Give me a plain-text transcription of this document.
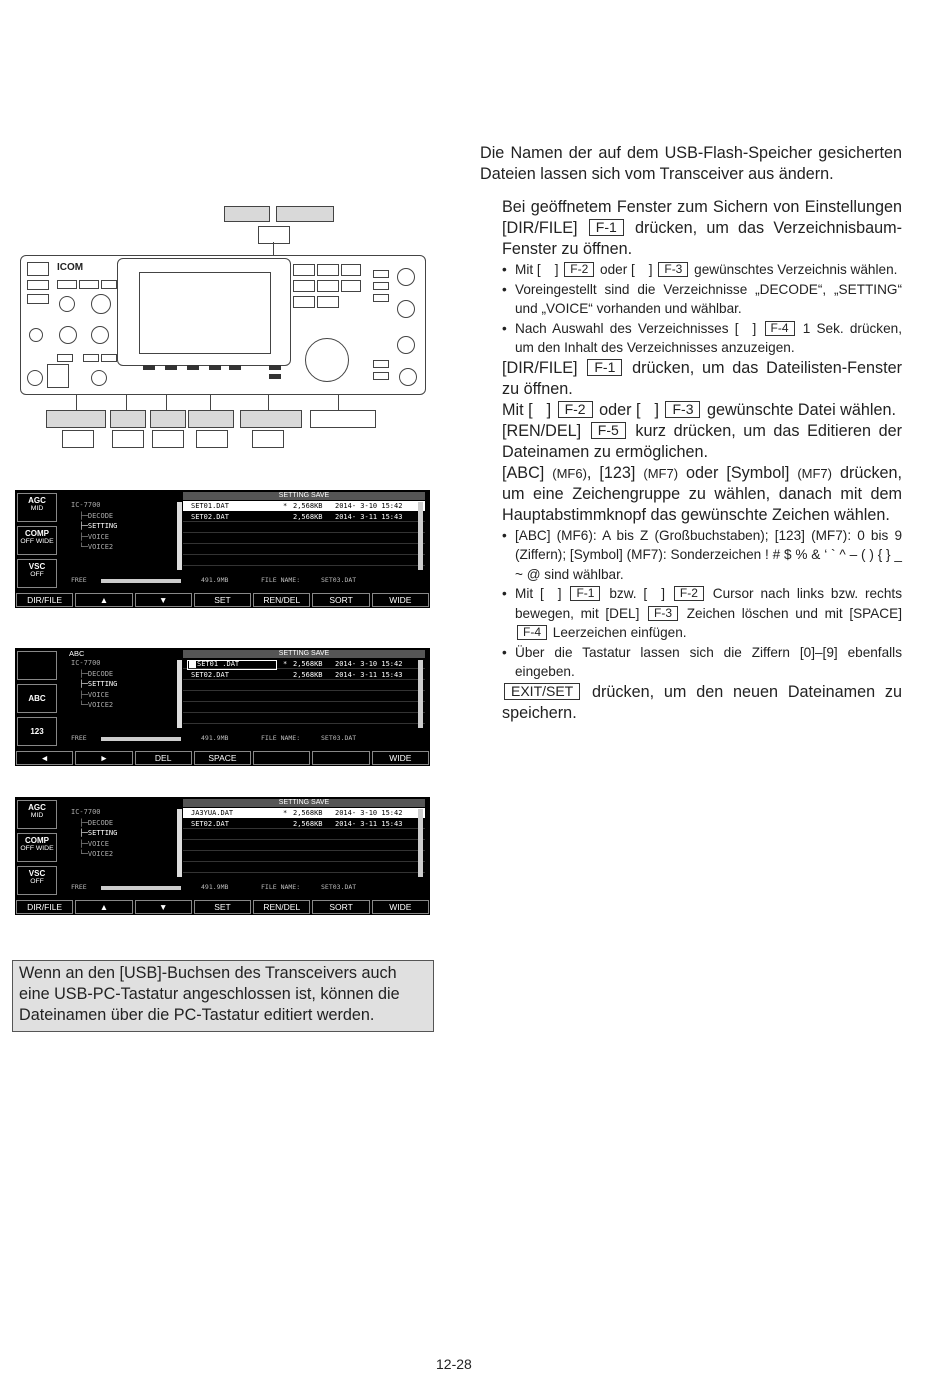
Die Namen der auf dem USB-Flash-Speicher gesicherten Dateien lassen sich vom Transceiver aus ändern.

Bei geöffnetem Fenster zum Sichern von Einstellungen [DIR/FILE] F-1 drücken, um das Verzeichnisbaum-Fenster zu öffnen.

• Mit [ ] F-2 oder [ ] F-3 gewünschtes Verzeichnis wählen.
• Voreingestellt sind die Verzeichnisse „DECODE“, „SETTING“ und „VOICE“ vorhanden und wählbar.
• Nach Auswahl des Verzeichnisses [ ] F-4 1 Sek. drücken, um den Inhalt des Verzeichnisses anzuzeigen.

[DIR/FILE] F-1 drücken, um das Dateilisten-Fenster zu öffnen.

Mit [ ] F-2 oder [ ] F-3 gewünschte Datei wählen.

[REN/DEL] F-5 kurz drücken, um das Editieren der Dateinamen zu ermöglichen.

[ABC] (MF6), [123] (MF7) oder [Symbol] (MF7) drücken, um eine Zeichengruppe zu wählen, danach mit dem Hauptabstimmknopf das gewünschte Zeichen wählen.

• [ABC] (MF6): A bis Z (Großbuchstaben); [123] (MF7): 0 bis 9 (Ziffern); [Symbol] (MF7): Sonderzeichen ! # $ % & ‘ ` ^ – ( ) { } _ ~ @ sind wählbar.
• Mit [ ] F-1 bzw. [ ] F-2 Cursor nach links bzw. rechts bewegen, mit [DEL] F-3 Zeichen löschen und mit [SPACE] F-4 Leerzeichen einfügen.
• Über die Tastatur lassen sich die Ziffern [0]–[9] ebenfalls eingeben.

EXIT/SET drücken, um den neuen Dateinamen zu speichern.

ICOM
AGC
MID
COMP
OFF WIDE
VSC
OFF
SETTING SAVE
IC-7700
├─DECODE
├─SETTING
├─VOICE
└─VOICE2
SET01.DAT	* 2,568KB 2014- 3-10 15:42
SET02.DAT	2,568KB 2014- 3-11 15:43
FREE	491.9MB	FILE NAME:	SET03.DAT
DIR/FILE	▲	▼	SET	REN/DEL	SORT	WIDE
ABC
123
ABC	SETTING SAVE
IC-7700
├─DECODE
├─SETTING
├─VOICE
└─VOICE2
SET01 .DAT	* 2,568KB 2014- 3-10 15:42
SET02.DAT	2,568KB 2014- 3-11 15:43
FREE	491.9MB	FILE NAME:	SET03.DAT
◄	►	DEL	SPACE	WIDE
AGC
MID
COMP
OFF WIDE
VSC
OFF
SETTING SAVE
IC-7700
├─DECODE
├─SETTING
├─VOICE
└─VOICE2
JA3YUA.DAT	* 2,568KB 2014- 3-10 15:42
SET02.DAT	2,568KB 2014- 3-11 15:43
FREE	491.9MB	FILE NAME:	SET03.DAT
DIR/FILE	▲	▼	SET	REN/DEL	SORT	WIDE
Wenn an den [USB]-Buchsen des Transceivers auch eine USB-PC-Tastatur angeschlossen ist, können die Dateinamen über die PC-Tastatur editiert werden.
12-28
